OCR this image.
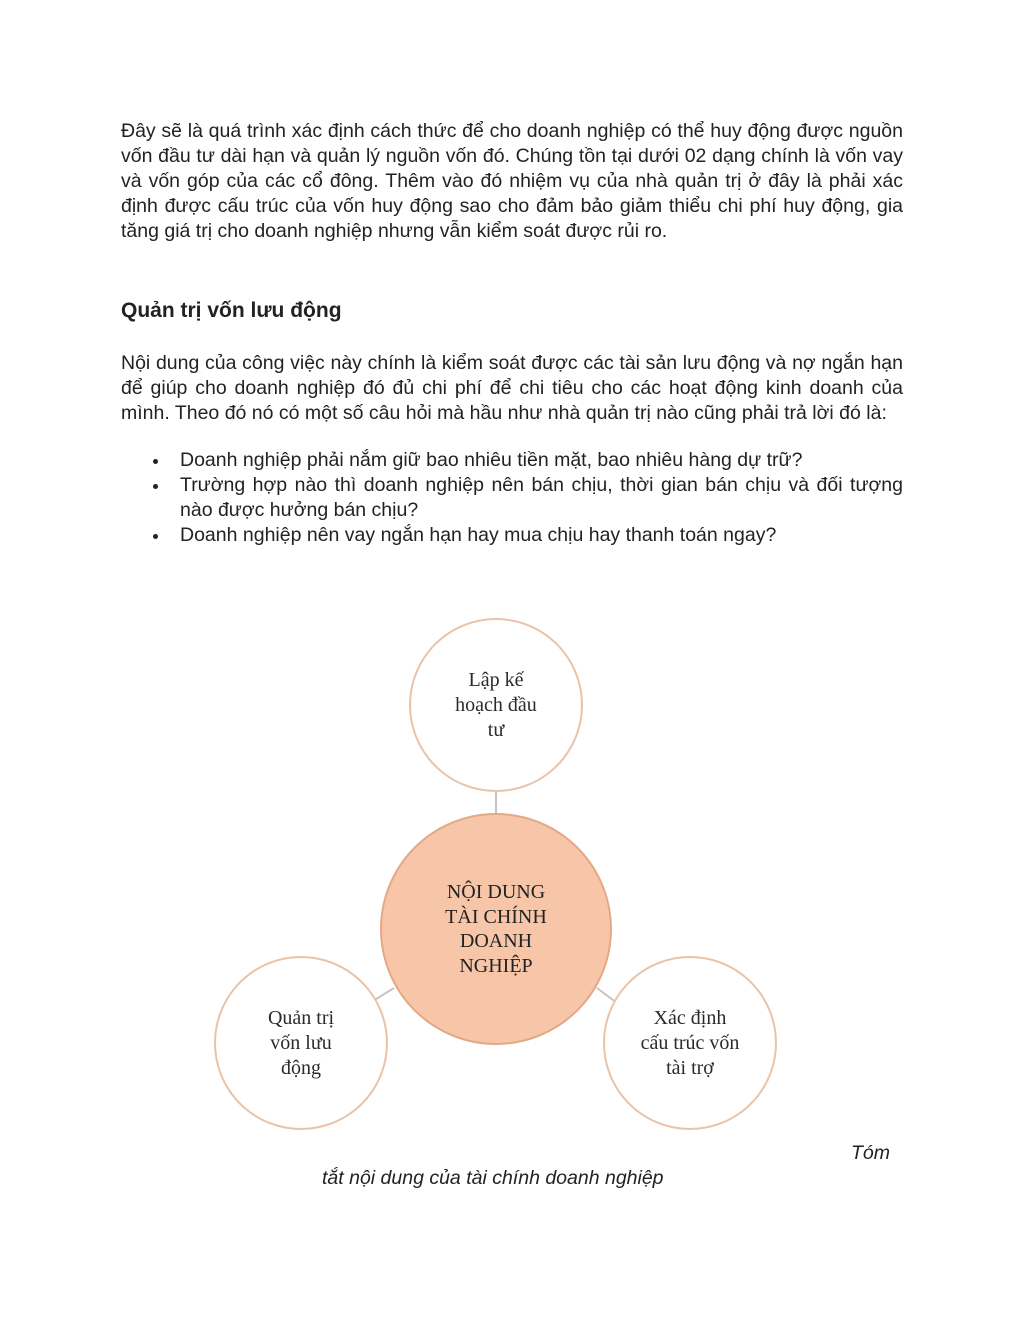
Đây sẽ là quá trình xác định cách thức để cho doanh nghiệp có thể huy động được nguồn vốn đầu tư dài hạn và quản lý nguồn vốn đó. Chúng tồn tại dưới 02 dạng chính là vốn vay và vốn góp của các cổ đông. Thêm vào đó nhiệm vụ của nhà quản trị ở đây là phải xác định được cấu trúc của vốn huy động sao cho đảm bảo giảm thiểu chi phí huy động, gia tăng giá trị cho doanh nghiệp nhưng vẫn kiểm soát được rủi ro.

Quản trị vốn lưu động

Nội dung của công việc này chính là kiểm soát được các tài sản lưu động và nợ ngắn hạn để giúp cho doanh nghiệp đó đủ chi phí để chi tiêu cho các hoạt động kinh doanh của mình. Theo đó nó có một số câu hỏi mà hầu như nhà quản trị nào cũng phải trả lời đó là:

Doanh nghiệp phải nắm giữ bao nhiêu tiền mặt, bao nhiêu hàng dự trữ?
Trường hợp nào thì doanh nghiệp nên bán chịu, thời gian bán chịu và đối tượng nào được hưởng bán chịu?
Doanh nghiệp nên vay ngắn hạn hay mua chịu hay thanh toán ngay?
Lập kế
hoạch đầu
tư
NỘI DUNG
TÀI CHÍNH
DOANH
NGHIỆP
Quản trị
vốn lưu
động
Xác định
cấu trúc vốn
tài trợ
Tóm
tắt nội dung của tài chính doanh nghiệp
